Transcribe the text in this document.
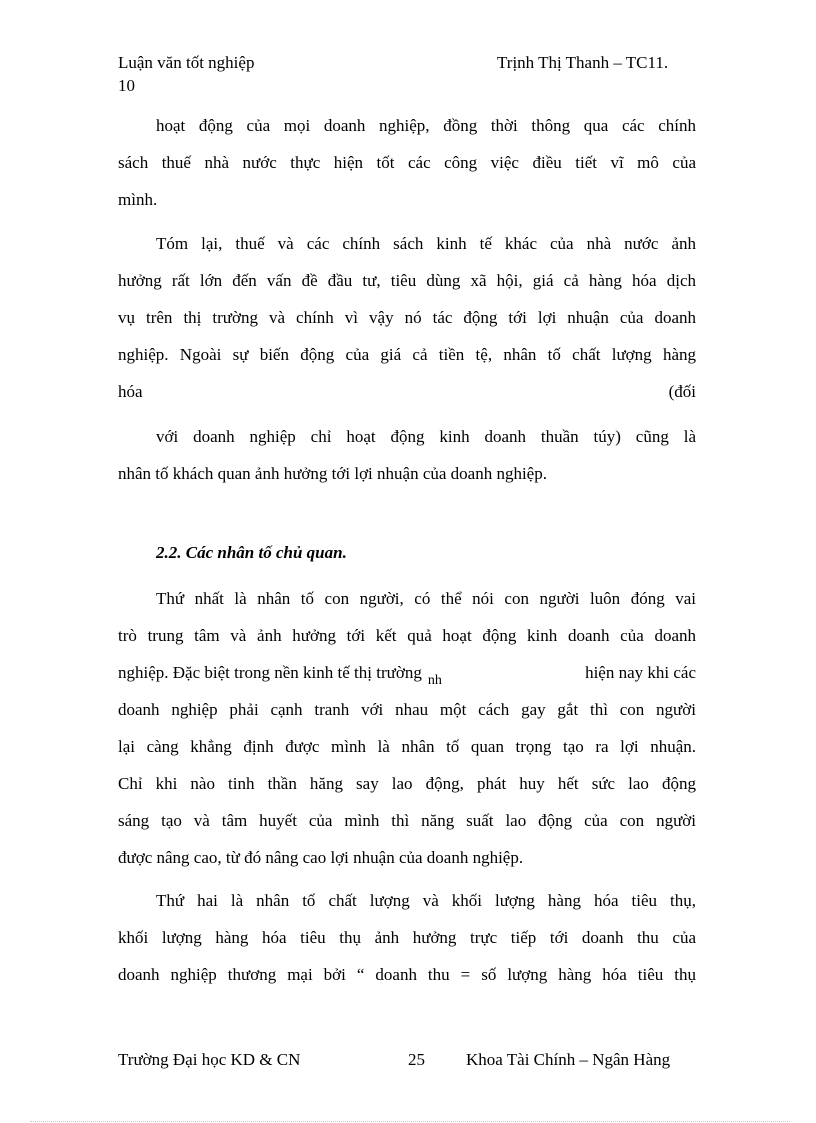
Luận văn tốt nghiệp	Trịnh Thị Thanh – TC11.
10
hoạt động của mọi doanh nghiệp, đồng thời thông qua các chính
sách thuế nhà nước thực hiện tốt các công việc điều tiết vĩ mô của
mình.
Tóm lại, thuế và các chính sách kinh tế khác của nhà nước ảnh
hưởng rất lớn đến vấn đề đầu tư, tiêu dùng xã hội, giá cả hàng hóa dịch
vụ trên thị trường và chính vì vậy nó tác động tới lợi nhuận của doanh
nghiệp. Ngoài sự biến động của giá cả tiền tệ, nhân tố chất lượng hàng
hóa	(đối
với doanh nghiệp chỉ hoạt động kinh doanh thuần túy) cũng là
nhân tố khách quan ảnh hưởng tới lợi nhuận của doanh nghiệp.
2.2. Các nhân tố chủ quan.
Thứ nhất là nhân tố con người, có thể nói con người luôn đóng vai
trò trung tâm và ảnh hưởng tới kết quả hoạt động kinh doanh của doanh
nghiệp. Đặc biệt trong nền kinh tế thị trường $_{nh}$	hiện nay khi các
doanh nghiệp phải cạnh tranh với nhau một cách gay gắt thì con người
lại càng khẳng định được mình là nhân tố quan trọng tạo ra lợi nhuận.
Chỉ khi nào tinh thần hăng say lao động, phát huy hết sức lao động
sáng tạo và tâm huyết của mình thì năng suất lao động của con người
được nâng cao, từ đó nâng cao lợi nhuận của doanh nghiệp.
Thứ hai là nhân tố chất lượng và khối lượng hàng hóa tiêu thụ,
khối lượng hàng hóa tiêu thụ ảnh hưởng trực tiếp tới doanh thu của
doanh nghiệp thương mại bởi “ doanh thu = số lượng hàng hóa tiêu thụ
Trường Đại học KD & CN	25 Khoa Tài Chính – Ngân Hàng
